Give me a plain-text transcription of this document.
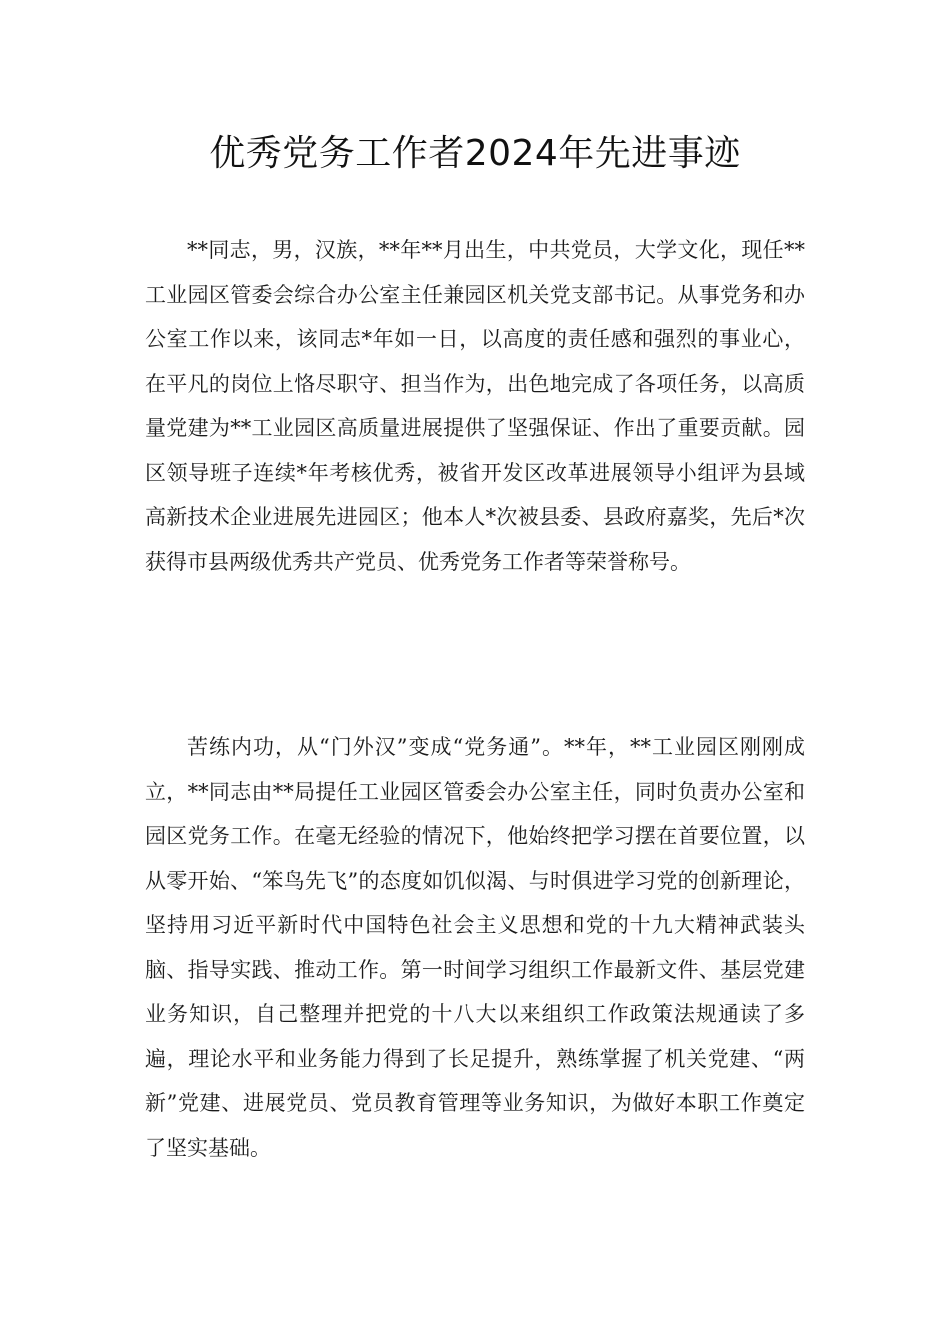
优秀党务工作者2024年先进事迹

**同志，男，汉族，**年**月出生，中共党员，大学文化，现任**工业园区管委会综合办公室主任兼园区机关党支部书记。从事党务和办公室工作以来，该同志*年如一日，以高度的责任感和强烈的事业心，在平凡的岗位上恪尽职守、担当作为，出色地完成了各项任务，以高质量党建为**工业园区高质量进展提供了坚强保证、作出了重要贡献。园区领导班子连续*年考核优秀，被省开发区改革进展领导小组评为县域高新技术企业进展先进园区；他本人*次被县委、县政府嘉奖，先后*次获得市县两级优秀共产党员、优秀党务工作者等荣誉称号。

苦练内功，从“门外汉”变成“党务通”。**年，**工业园区刚刚成立，**同志由**局提任工业园区管委会办公室主任，同时负责办公室和园区党务工作。在毫无经验的情况下，他始终把学习摆在首要位置，以从零开始、“笨鸟先飞”的态度如饥似渴、与时俱进学习党的创新理论，坚持用习近平新时代中国特色社会主义思想和党的十九大精神武装头脑、指导实践、推动工作。第一时间学习组织工作最新文件、基层党建业务知识，自己整理并把党的十八大以来组织工作政策法规通读了多遍，理论水平和业务能力得到了长足提升，熟练掌握了机关党建、“两新”党建、进展党员、党员教育管理等业务知识，为做好本职工作奠定了坚实基础。
